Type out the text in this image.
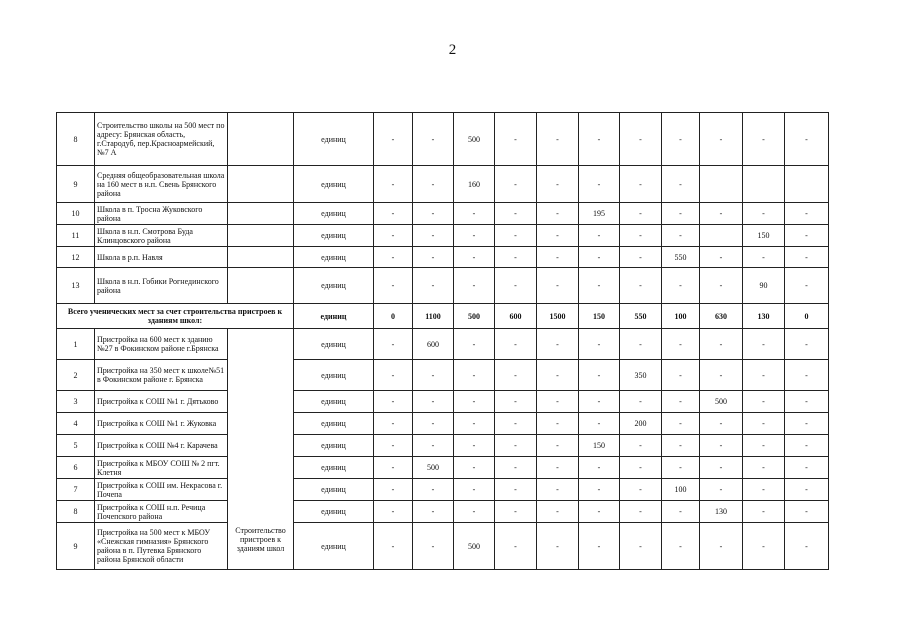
2
8	Строительство школы на 500 мест по адресу: Брянская область, г.Стародуб, пер.Красноармейский, №7 А		единиц	-	-	500	-	-	-	-	-	-	-	-
9	Средняя общеобразовательная школа на 160 мест в н.п. Свень Брянского района		единиц	-	-	160	-	-	-	-	-			
10	Школа в п. Тросна Жуковского района		единиц	-	-	-	-	-	195	-	-	-	-	-
11	Школа в н.п. Смотрова Буда Клинцовского района		единиц	-	-	-	-	-	-	-	-		150	-
12	Школа в р.п. Навля		единиц	-	-	-	-	-	-	-	550	-	-	-
13	Школа в н.п. Гобики Рогнединского района		единиц	-	-	-	-	-	-	-	-	-	90	-
Всего ученических мест за счет строительства пристроев к зданиям школ:			единиц	0	1100	500	600	1500	150	550	100	630	130	0
1	Пристройка на 600 мест к зданию №27 в Фокинском районе г.Брянска	Строительство пристроев к зданиям школ	единиц	-	600	-	-	-	-	-	-	-	-	-
2	Пристройка на 350 мест к школе№51 в Фокинском районе г. Брянска		единиц	-	-	-	-	-	-	350	-	-	-	-
3	Пристройка к СОШ №1 г. Дятьково		единиц	-	-	-	-	-	-	-	-	500	-	-
4	Пристройка к СОШ №1 г. Жуковка		единиц	-	-	-	-	-	-	200	-	-	-	-
5	Пристройка к СОШ №4 г. Карачева		единиц	-	-	-	-	-	150	-	-	-	-	-
6	Пристройка к МБОУ СОШ № 2 пгт. Клетня		единиц	-	500	-	-	-	-	-	-	-	-	-
7	Пристройка к СОШ им. Некрасова г. Почепа		единиц	-	-	-	-	-	-	-	100	-	-	-
8	Пристройка к СОШ н.п. Речица Почепского района		единиц	-	-	-	-	-	-	-	-	130	-	-
9	Пристройка на 500 мест к МБОУ «Снежская гимназия» Брянского района в п. Путевка Брянского района Брянской области		единиц	-	-	500	-	-	-	-	-	-	-	-
